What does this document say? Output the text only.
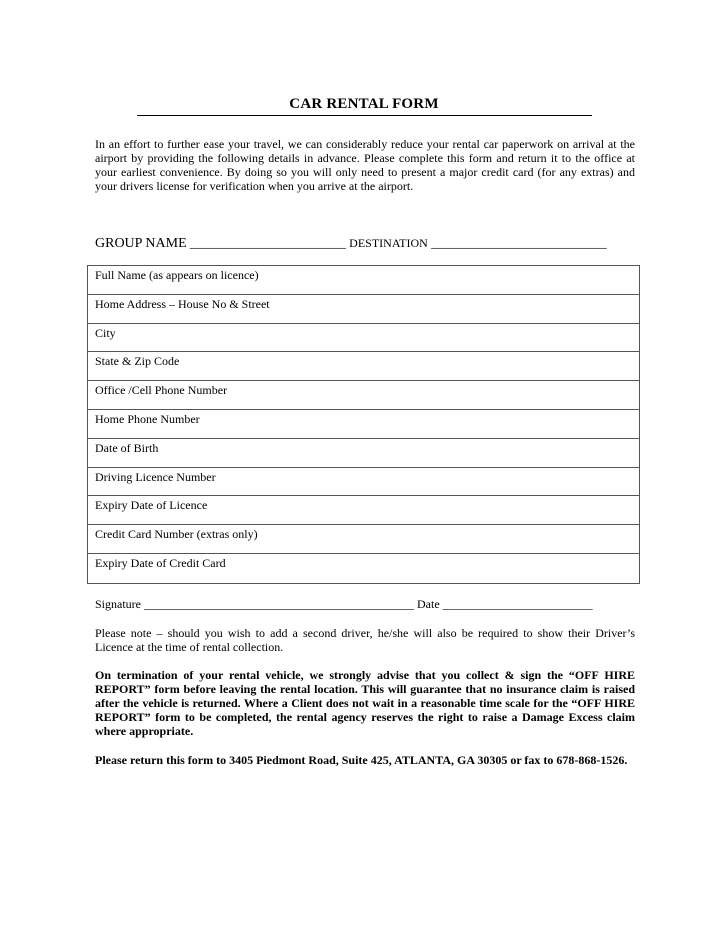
CAR RENTAL FORM
In an effort to further ease your travel, we can considerably reduce your rental car paperwork on arrival at the airport by providing the following details in advance. Please complete this form and return it to the office at your earliest convenience. By doing so you will only need to present a major credit card (for any extras) and your drivers license for verification when you arrive at the airport.
GROUP NAME ________________________ DESTINATION ___________________________
Full Name (as appears on licence)
Home Address – House No & Street
City
State & Zip Code
Office /Cell Phone Number
Home Phone Number
Date of Birth
Driving Licence Number
Expiry Date of Licence
Credit Card Number (extras only)
Expiry Date of Credit Card
Signature _____________________________________________ Date _________________________
Please note – should you wish to add a second driver, he/she will also be required to show their Driver’s Licence at the time of rental collection.
On termination of your rental vehicle, we strongly advise that you collect & sign the “OFF HIRE REPORT” form before leaving the rental location. This will guarantee that no insurance claim is raised after the vehicle is returned. Where a Client does not wait in a reasonable time scale for the “OFF HIRE REPORT” form to be completed, the rental agency reserves the right to raise a Damage Excess claim where appropriate.
Please return this form to 3405 Piedmont Road, Suite 425, ATLANTA, GA 30305 or fax to 678-868-1526.
